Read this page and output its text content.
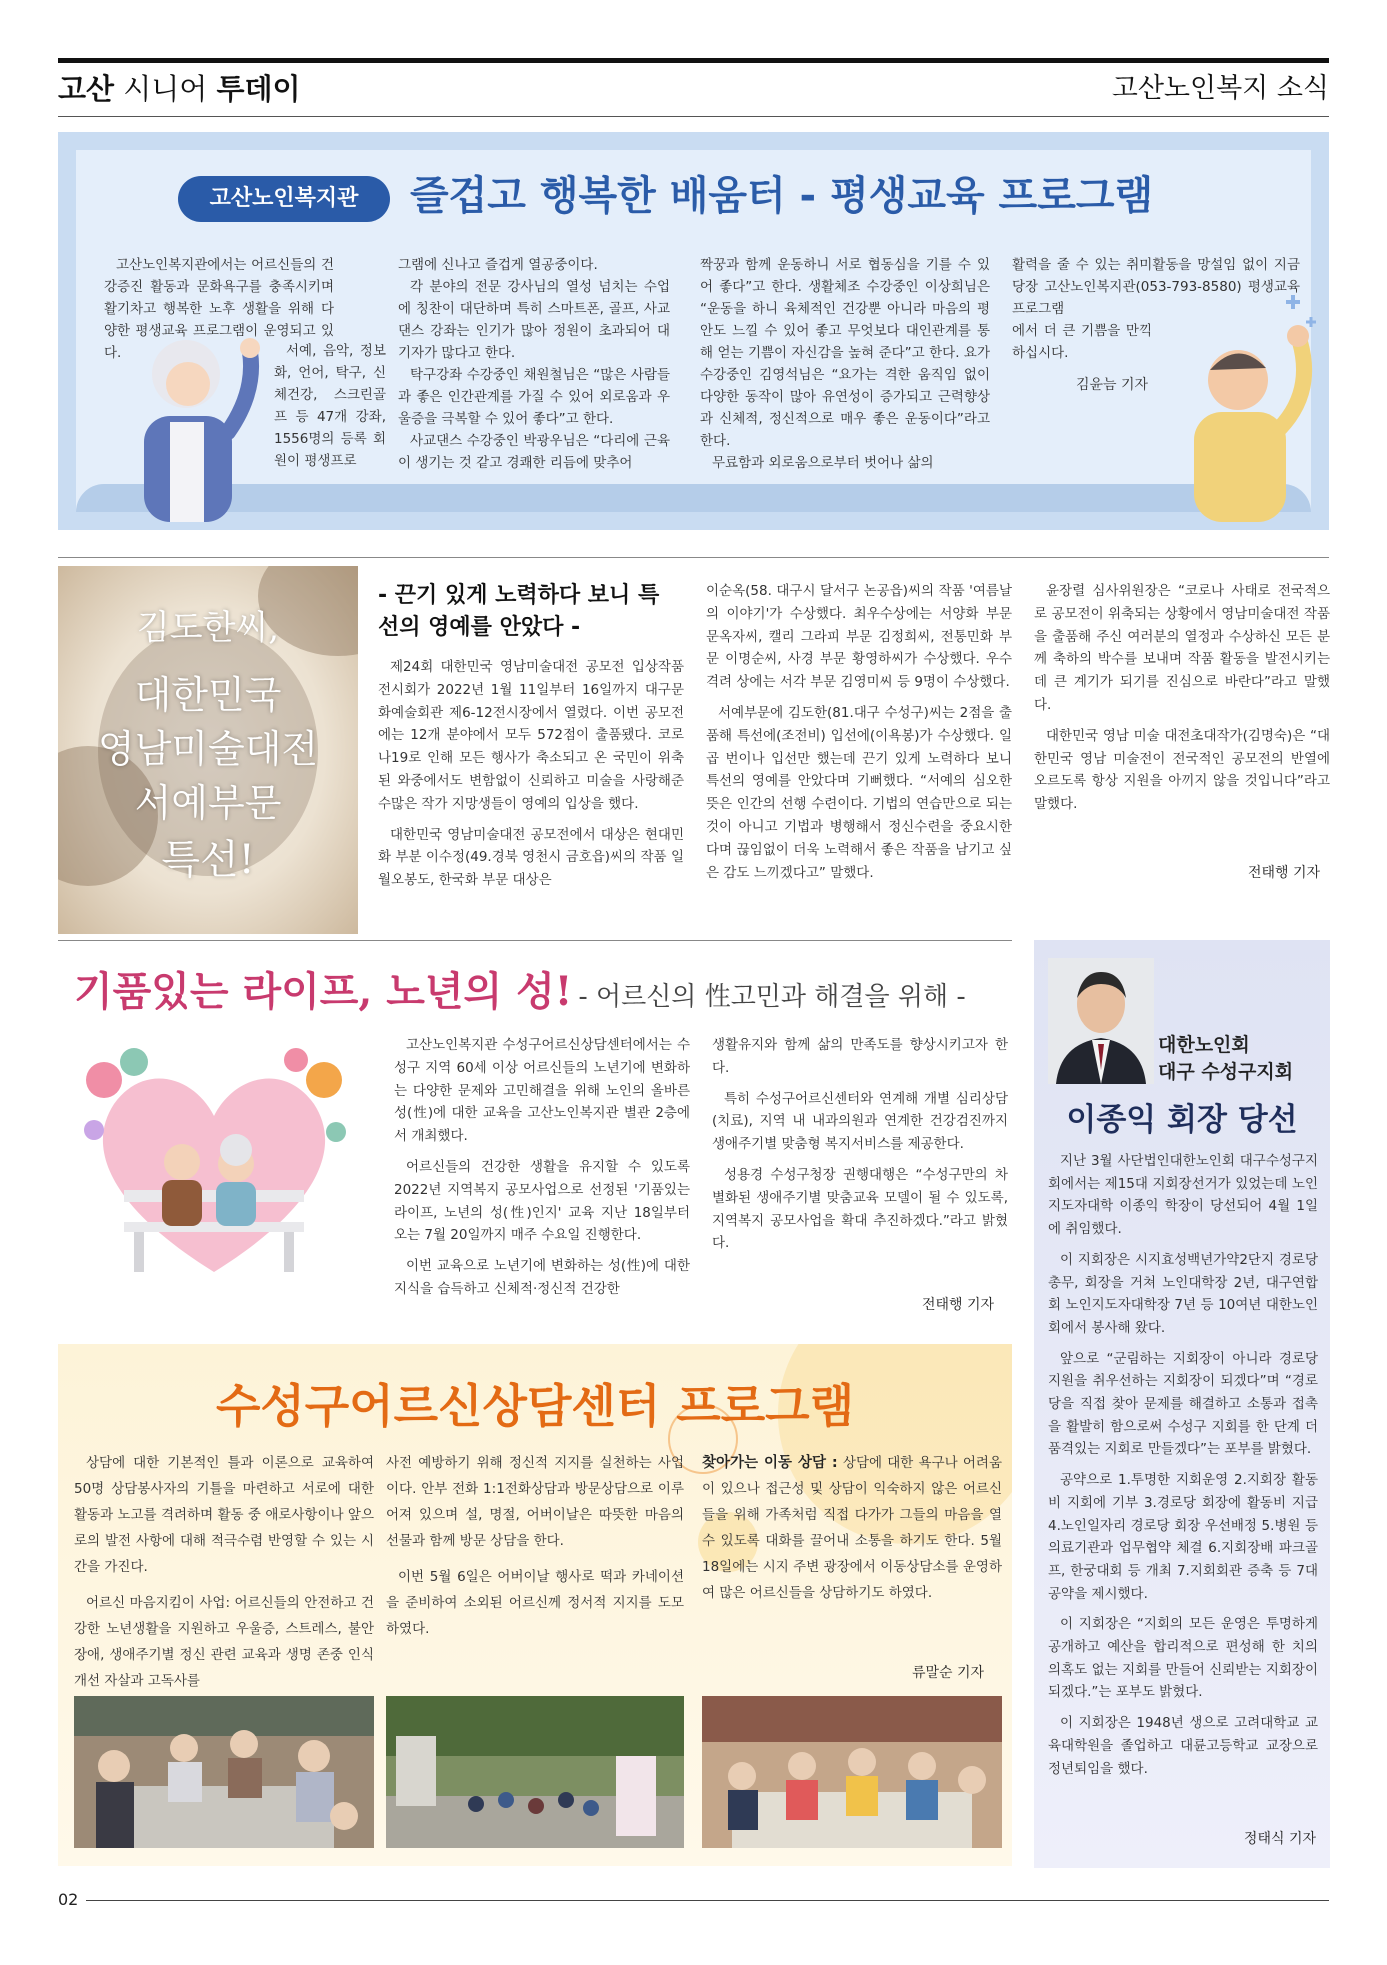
고산 시니어 투데이	고산노인복지 소식
고산노인복지관	즐겁고 행복한 배움터 - 평생교육 프로그램

고산노인복지관에서는 어르신들의 건강증진 활동과 문화욕구를 충족시키며 활기차고 행복한 노후 생활을 위해 다양한 평생교육 프로그램이 운영되고 있다.	서예, 음악, 정보화, 언어, 탁구, 신체건강, 스크린골프 등 47개 강좌, 1556명의 등록 회원이 평생프로

그램에 신나고 즐겁게 열공중이다.

각 분야의 전문 강사님의 열성 넘치는 수업에 칭찬이 대단하며 특히 스마트폰, 골프, 사교댄스 강좌는 인기가 많아 정원이 초과되어 대기자가 많다고 한다.

탁구강좌 수강중인 채원철님은 “많은 사람들과 좋은 인간관계를 가질 수 있어 외로움과 우울증을 극복할 수 있어 좋다”고 한다.

사교댄스 수강중인 박광우님은 “다리에 근육이 생기는 것 같고 경쾌한 리듬에 맞추어

짝꿍과 함께 운동하니 서로 협동심을 기를 수 있어 좋다”고 한다. 생활체조 수강중인 이상희님은 “운동을 하니 육체적인 건강뿐 아니라 마음의 평안도 느낄 수 있어 좋고 무엇보다 대인관계를 통해 얻는 기쁨이 자신감을 높혀 준다”고 한다. 요가 수강중인 김영석님은 “요가는 격한 움직임 없이 다양한 동작이 많아 유연성이 증가되고 근력향상과 신체적, 정신적으로 매우 좋은 운동이다”라고 한다.

무료함과 외로움으로부터 벗어나 삶의

활력을 줄 수 있는 취미활동을 망설임 없이 지금 당장 고산노인복지관(053-793-8580) 평생교육 프로그램

에서 더 큰 기쁨을 만끽하십시다.

김윤늠 기자
김도한씨,
대한민국
영남미술대전
서예부문
특선!
- 끈기 있게 노력하다 보니 특선의 영예를 안았다 -

제24회 대한민국 영남미술대전 공모전 입상작품전시회가 2022년 1월 11일부터 16일까지 대구문화예술회관 제6-12전시장에서 열렸다. 이번 공모전에는 12개 분야에서 모두 572점이 출품됐다. 코로나19로 인해 모든 행사가 축소되고 온 국민이 위축된 와중에서도 변함없이 신뢰하고 미술을 사랑해준 수많은 작가 지망생들이 영예의 입상을 했다.

대한민국 영남미술대전 공모전에서 대상은 현대민화 부분 이수정(49.경북 영천시 금호읍)씨의 작품 일월오봉도, 한국화 부문 대상은

이순옥(58. 대구시 달서구 논공읍)씨의 작품 '여름날의 이야기'가 수상했다. 최우수상에는 서양화 부문 문옥자씨, 캘리 그라피 부문 김정희씨, 전통민화 부문 이명순씨, 사경 부문 황영하씨가 수상했다. 우수격려 상에는 서각 부문 김영미씨 등 9명이 수상했다.

서예부문에 김도한(81.대구 수성구)씨는 2점을 출품해 특선에(조전비) 입선에(이욕봉)가 수상했다. 일곱 번이나 입선만 했는데 끈기 있게 노력하다 보니 특선의 영예를 안았다며 기뻐했다. “서예의 심오한 뜻은 인간의 선행 수련이다. 기법의 연습만으로 되는 것이 아니고 기법과 병행해서 정신수련을 중요시한다며 끊임없이 더욱 노력해서 좋은 작품을 남기고 싶은 감도 느끼겠다고” 말했다.

윤장렬 심사위원장은 “코로나 사태로 전국적으로 공모전이 위축되는 상황에서 영남미술대전 작품을 출품해 주신 여러분의 열정과 수상하신 모든 분께 축하의 박수를 보내며 작품 활동을 발전시키는데 큰 계기가 되기를 진심으로 바란다”라고 말했다.

대한민국 영남 미술 대전초대작가(김명숙)은 “대한민국 영남 미술전이 전국적인 공모전의 반열에 오르도록 항상 지원을 아끼지 않을 것입니다”라고 말했다.

전태행 기자
기품있는 라이프, 노년의 성! - 어르신의 性고민과 해결을 위해 -

고산노인복지관 수성구어르신상담센터에서는 수성구 지역 60세 이상 어르신들의 노년기에 변화하는 다양한 문제와 고민해결을 위해 노인의 올바른 성(性)에 대한 교육을 고산노인복지관 별관 2층에서 개최했다.

어르신들의 건강한 생활을 유지할 수 있도록 2022년 지역복지 공모사업으로 선정된 '기품있는 라이프, 노년의 성(性)인지' 교육 지난 18일부터 오는 7월 20일까지 매주 수요일 진행한다.

이번 교육으로 노년기에 변화하는 성(性)에 대한 지식을 습득하고 신체적·정신적 건강한

생활유지와 함께 삶의 만족도를 향상시키고자 한다.

특히 수성구어르신센터와 연계해 개별 심리상담(치료), 지역 내 내과의원과 연계한 건강검진까지 생애주기별 맞춤형 복지서비스를 제공한다.

성용경 수성구청장 권행대행은 “수성구만의 차별화된 생애주기별 맞춤교육 모델이 될 수 있도록, 지역복지 공모사업을 확대 추진하겠다.”라고 밝혔다.

전태행 기자
대한노인회
대구 수성구지회
이종익 회장 당선

지난 3월 사단법인대한노인회 대구수성구지회에서는 제15대 지회장선거가 있었는데 노인지도자대학 이종익 학장이 당선되어 4월 1일에 취임했다.

이 지회장은 시지효성백년가약2단지 경로당 총무, 회장을 거쳐 노인대학장 2년, 대구연합회 노인지도자대학장 7년 등 10여년 대한노인회에서 봉사해 왔다.

앞으로 “군림하는 지회장이 아니라 경로당 지원을 취우선하는 지회장이 되겠다”며 “경로당을 직접 찾아 문제를 해결하고 소통과 접촉을 활발히 함으로써 수성구 지회를 한 단계 더 품격있는 지회로 만들겠다”는 포부를 밝혔다.

공약으로 1.투명한 지회운영 2.지회장 활동비 지회에 기부 3.경로당 회장에 활동비 지급 4.노인일자리 경로당 회장 우선배정 5.병원 등 의료기관과 업무협약 체결 6.지회장배 파크골프, 한궁대회 등 개최 7.지회회관 증축 등 7대 공약을 제시했다.

이 지회장은 “지회의 모든 운영은 투명하게 공개하고 예산을 합리적으로 편성해 한 치의 의혹도 없는 지회를 만들어 신뢰받는 지회장이 되겠다.”는 포부도 밝혔다.

이 지회장은 1948년 생으로 고려대학교 교육대학원을 졸업하고 대륜고등학교 교장으로 정년퇴임을 했다.

정태식 기자
수성구어르신상담센터 프로그램

상담에 대한 기본적인 틀과 이론으로 교육하여 50명 상담봉사자의 기틀을 마련하고 서로에 대한 활동과 노고를 격려하며 활동 중 애로사항이나 앞으로의 발전 사항에 대해 적극수렴 반영할 수 있는 시간을 가진다.

어르신 마음지킴이 사업: 어르신들의 안전하고 건강한 노년생활을 지원하고 우울증, 스트레스, 불안장애, 생애주기별 정신 관련 교육과 생명 존중 인식개선 자살과 고독사를

사전 예방하기 위해 정신적 지지를 실천하는 사업이다. 안부 전화 1:1전화상담과 방문상담으로 이루어져 있으며 설, 명절, 어버이날은 따뜻한 마음의 선물과 함께 방문 상담을 한다.

이번 5월 6일은 어버이날 행사로 떡과 카네이션을 준비하여 소외된 어르신께 정서적 지지를 도모하였다.

찾아가는 이동 상담 : 상담에 대한 욕구나 어려움이 있으나 접근성 및 상담이 익숙하지 않은 어르신들을 위해 가족처럼 직접 다가가 그들의 마음을 열 수 있도록 대화를 끌어내 소통을 하기도 한다. 5월 18일에는 시지 주변 광장에서 이동상담소를 운영하여 많은 어르신들을 상담하기도 하였다.

류말순 기자
02
